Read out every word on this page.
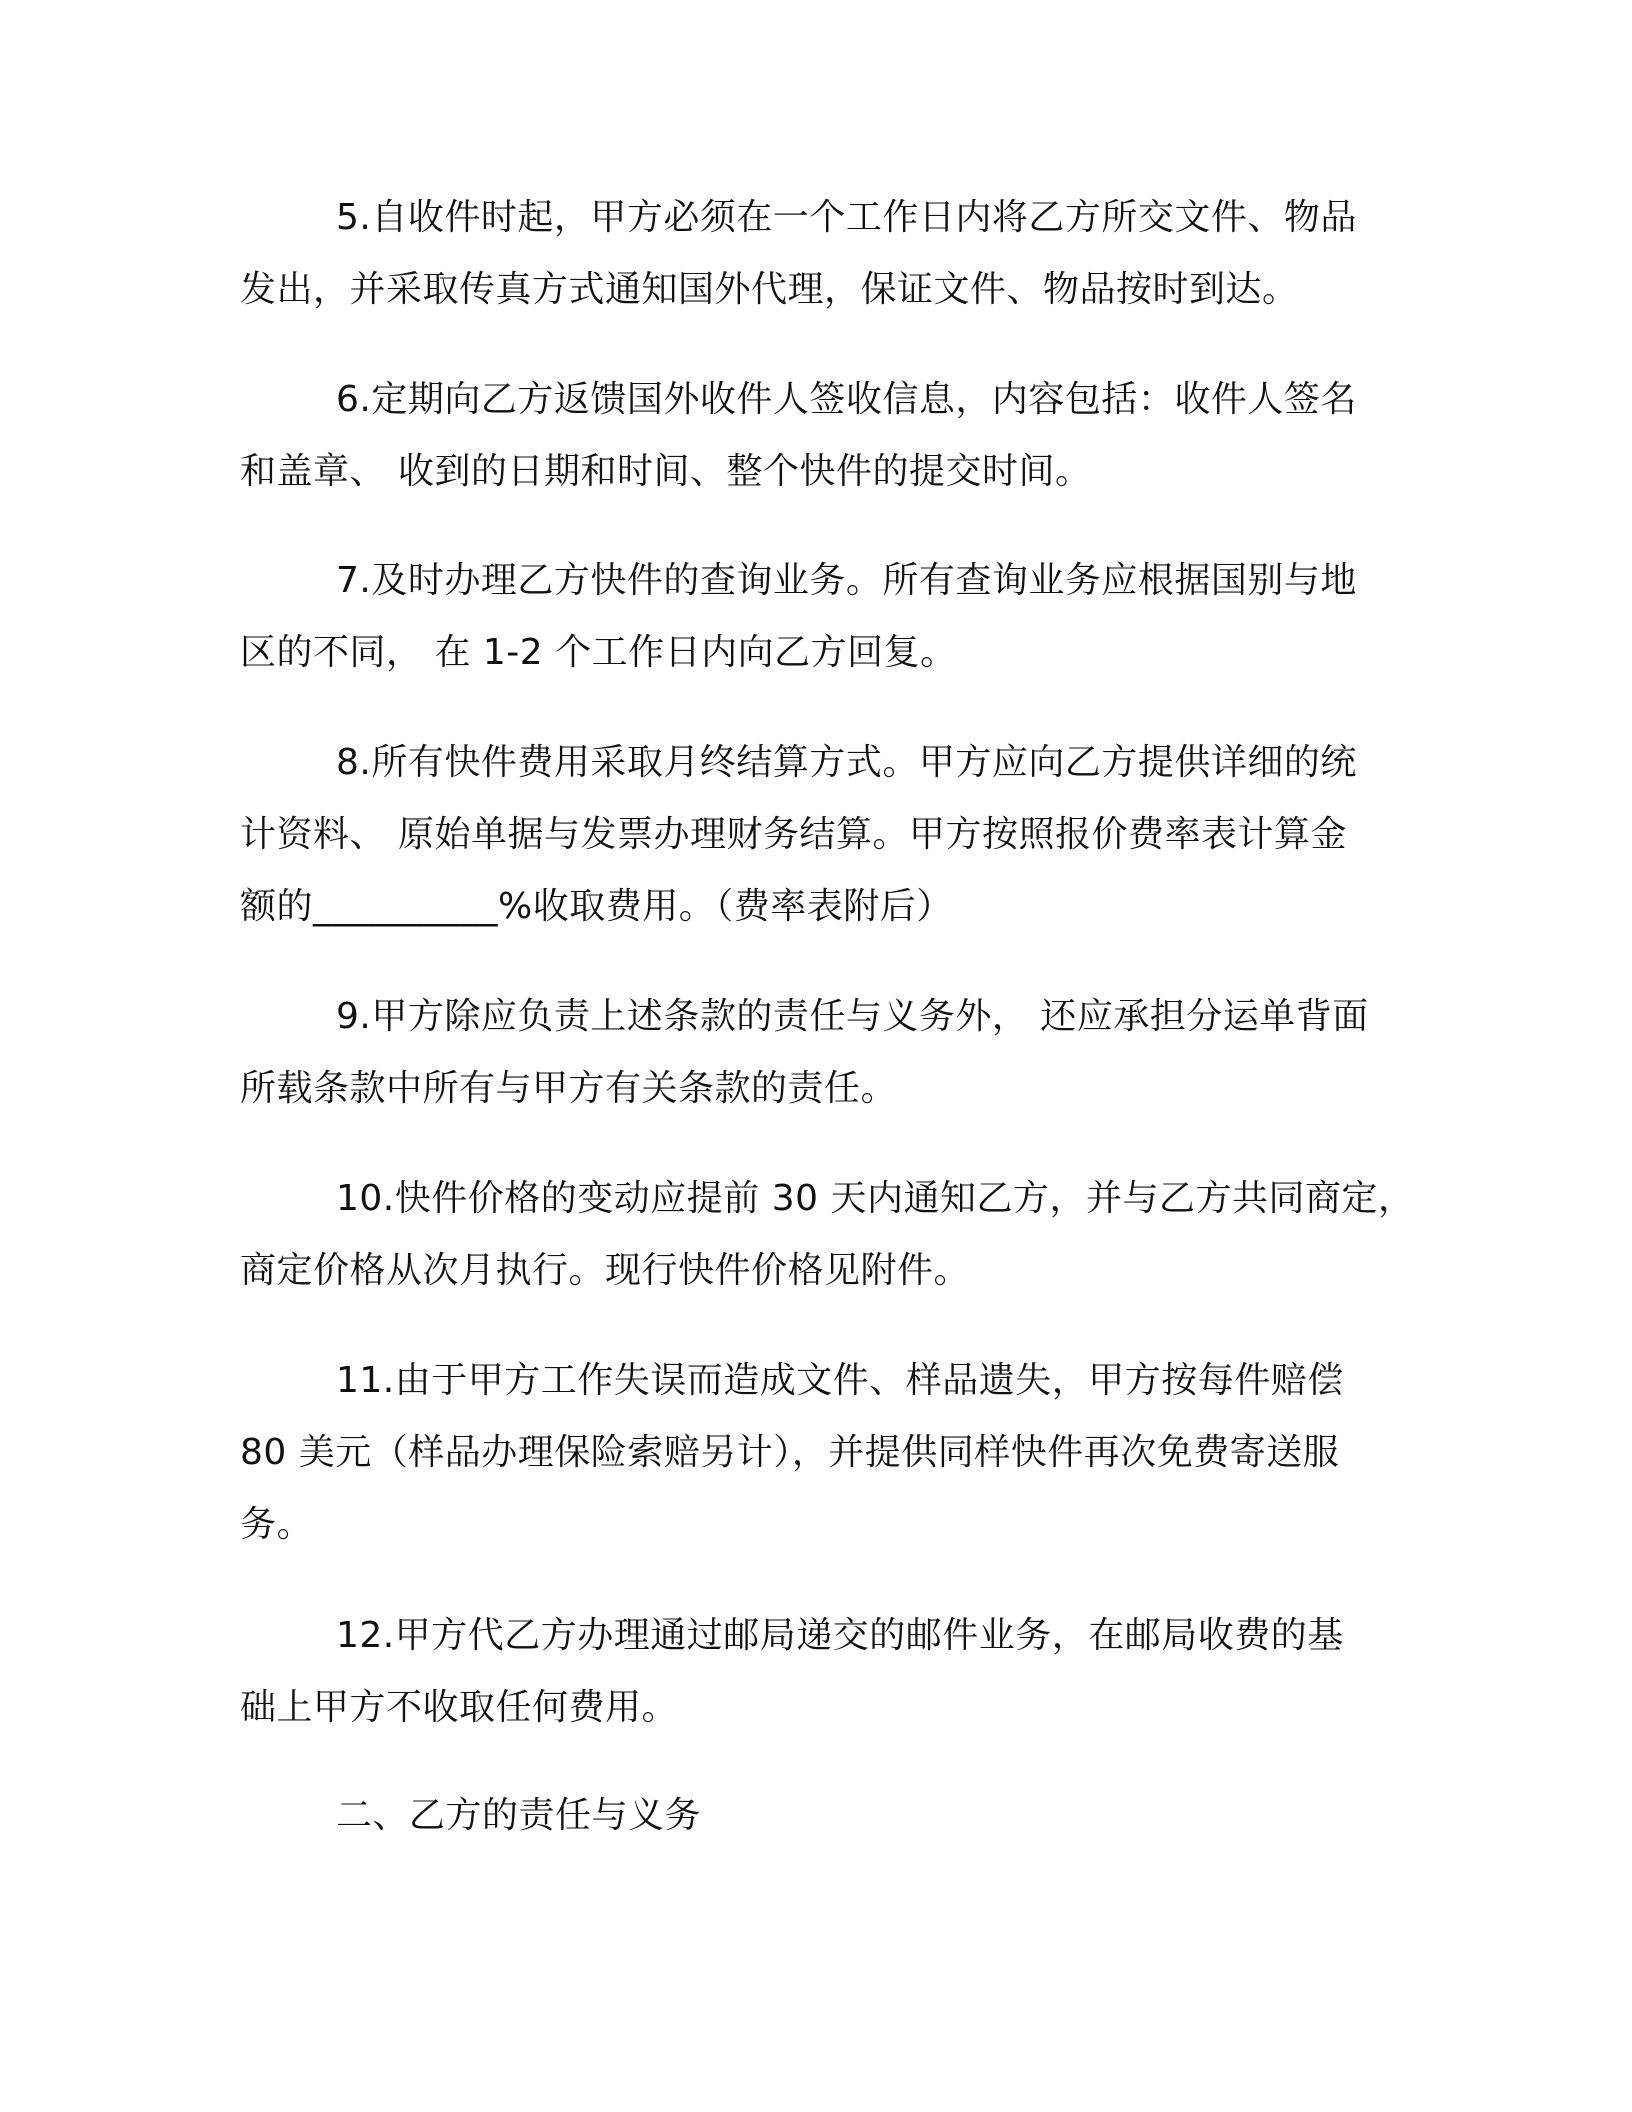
5.自收件时起，甲方必须在一个工作日内将乙方所交文件、物品
发出，并采取传真方式通知国外代理，保证文件、物品按时到达。

6.定期向乙方返馈国外收件人签收信息，内容包括：收件人签名
和盖章、 收到的日期和时间、整个快件的提交时间。

7.及时办理乙方快件的查询业务。所有查询业务应根据国别与地
区的不同， 在 1-2 个工作日内向乙方回复。

8.所有快件费用采取月终结算方式。甲方应向乙方提供详细的统
计资料、 原始单据与发票办理财务结算。甲方按照报价费率表计算金
额的__________%收取费用。（费率表附后）

9.甲方除应负责上述条款的责任与义务外， 还应承担分运单背面
所载条款中所有与甲方有关条款的责任。

10.快件价格的变动应提前 30 天内通知乙方，并与乙方共同商定，
商定价格从次月执行。现行快件价格见附件。

11.由于甲方工作失误而造成文件、样品遗失，甲方按每件赔偿
80 美元（样品办理保险索赔另计），并提供同样快件再次免费寄送服
务。

12.甲方代乙方办理通过邮局递交的邮件业务，在邮局收费的基
础上甲方不收取任何费用。

二、乙方的责任与义务
